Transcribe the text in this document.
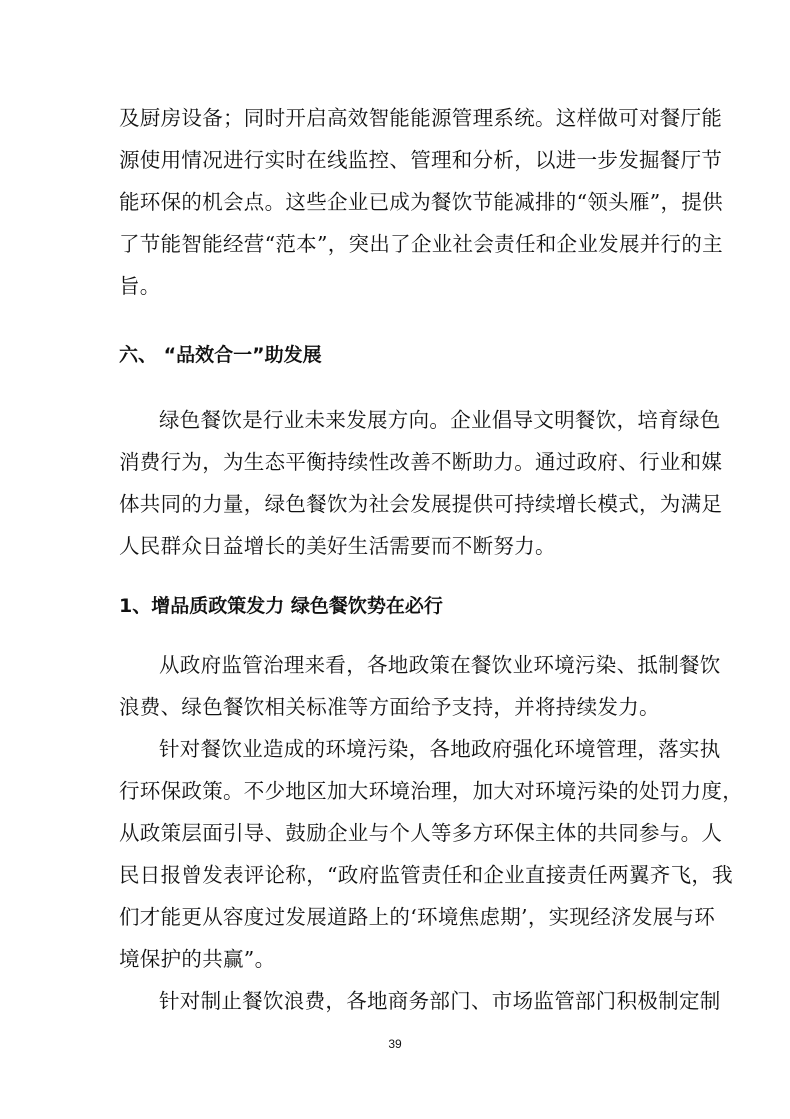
及厨房设备；同时开启高效智能能源管理系统。这样做可对餐厅能
源使用情况进行实时在线监控、管理和分析，以进一步发掘餐厅节
能环保的机会点。这些企业已成为餐饮节能减排的“领头雁”，提供
了节能智能经营“范本”，突出了企业社会责任和企业发展并行的主
旨。
六、 “品效合一”助发展
绿色餐饮是行业未来发展方向。企业倡导文明餐饮，培育绿色
消费行为，为生态平衡持续性改善不断助力。通过政府、行业和媒
体共同的力量，绿色餐饮为社会发展提供可持续增长模式，为满足
人民群众日益增长的美好生活需要而不断努力。
1、增品质政策发力 绿色餐饮势在必行
从政府监管治理来看，各地政策在餐饮业环境污染、抵制餐饮
浪费、绿色餐饮相关标准等方面给予支持，并将持续发力。
针对餐饮业造成的环境污染，各地政府强化环境管理，落实执
行环保政策。不少地区加大环境治理，加大对环境污染的处罚力度，
从政策层面引导、鼓励企业与个人等多方环保主体的共同参与。人
民日报曾发表评论称，“政府监管责任和企业直接责任两翼齐飞，我
们才能更从容度过发展道路上的‘环境焦虑期’，实现经济发展与环
境保护的共赢”。
针对制止餐饮浪费，各地商务部门、市场监管部门积极制定制
39
